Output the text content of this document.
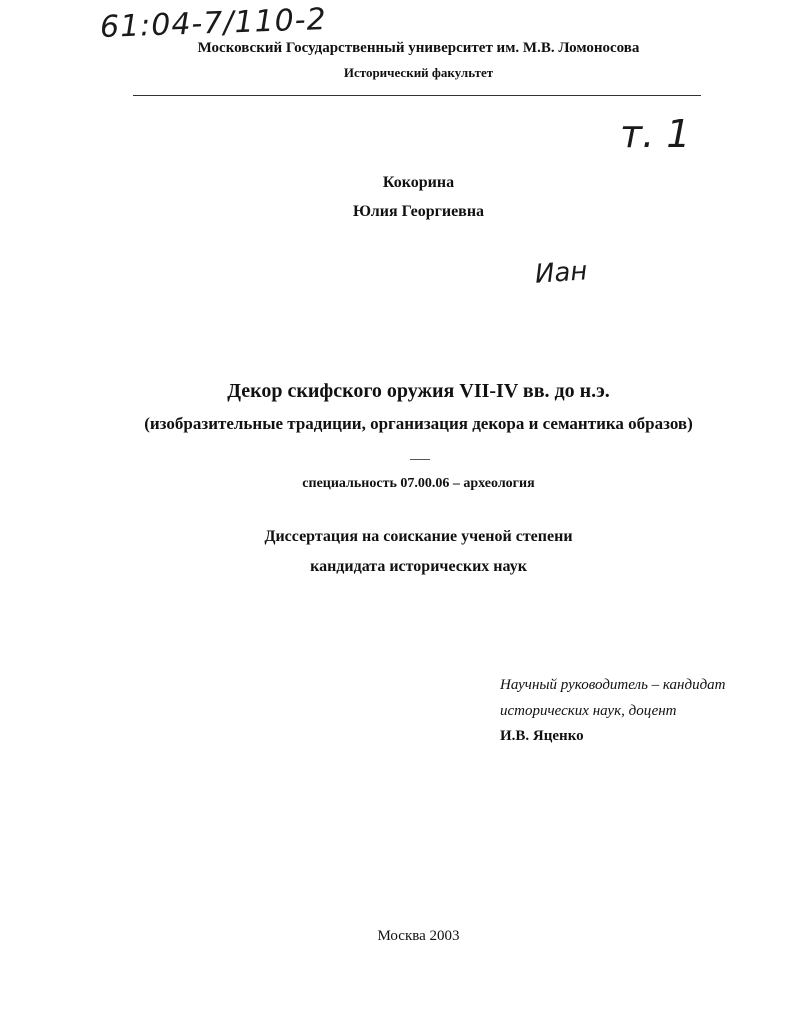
61:04-7/110-2
Московский Государственный университет им. М.В. Ломоносова
Исторический факультет
т. 1
Кокорина
Юлия Георгиевна
Иан
Декор скифского оружия VII-IV вв. до н.э.
(изобразительные традиции, организация декора и семантика образов)
специальность 07.00.06 – археология
Диссертация на соискание ученой степени
кандидата исторических наук
Научный руководитель – кандидат
исторических наук, доцент
И.В. Яценко
Москва 2003
